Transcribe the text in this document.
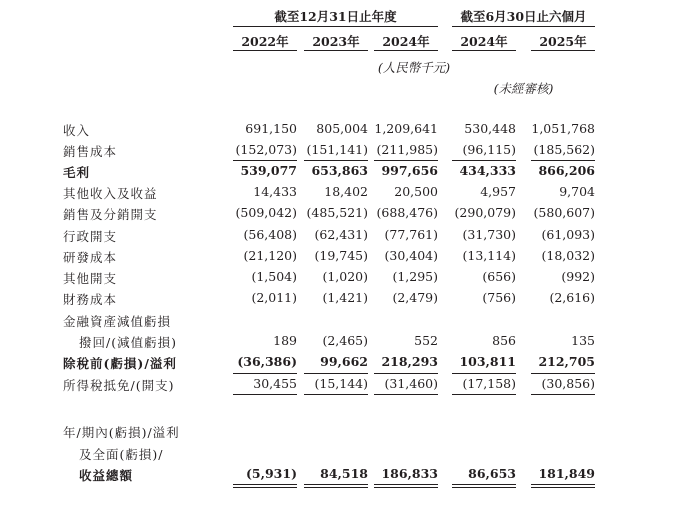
截至12月31日止年度	截至6月30日止六個月
2022年	2023年	2024年	2024年	2025年
(人民幣千元)
(未經審核)
收入	691,150	805,004 1,209,641	530,448	1,051,768
銷售成本	(152,073) (151,141) (211,985)	(96,115)	(185,562)
毛利	539,077	653,863	997,656	434,333	866,206
其他收入及收益	14,433	18,402	20,500	4,957	9,704
銷售及分銷開支	(509,042) (485,521) (688,476)	(290,079)	(580,607)
行政開支	(56,408)	(62,431)	(77,761)	(31,730)	(61,093)
研發成本	(21,120)	(19,745)	(30,404)	(13,114)	(18,032)
其他開支	(1,504)	(1,020)	(1,295)	(656)	(992)
財務成本	(2,011)	(1,421)	(2,479)	(756)	(2,616)
金融資產減值虧損
撥回/(減值虧損)	189	(2,465)	552	856	135
除稅前(虧損)/溢利	(36,386)	99,662	218,293	103,811	212,705
所得稅抵免/(開支)	30,455	(15,144)	(31,460)	(17,158)	(30,856)
年/期內(虧損)/溢利
及全面(虧損)/
收益總額	(5,931)	84,518	186,833	86,653	181,849
